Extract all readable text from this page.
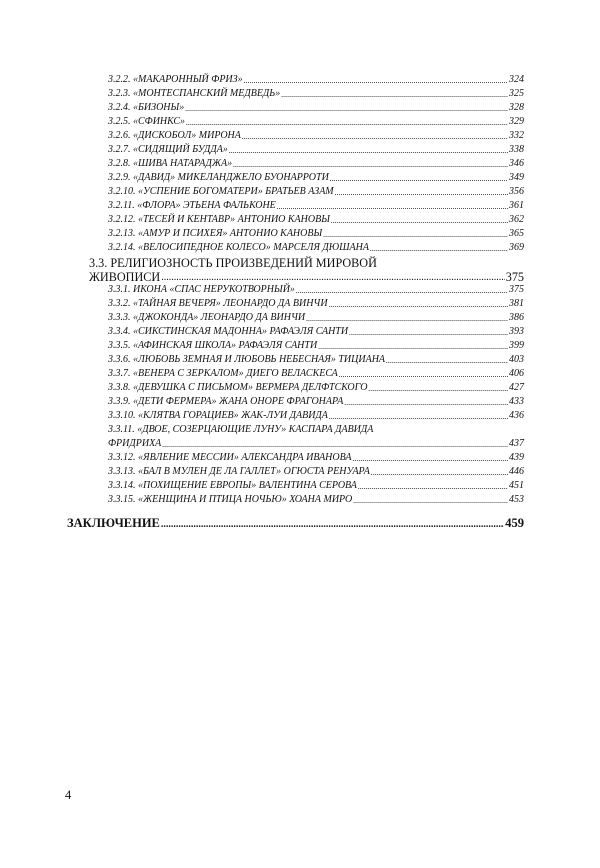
3.2.2. «МАКАРОННЫЙ ФРИЗ» .....	324
3.2.3. «МОНТЕСПАНСКИЙ МЕДВЕДЬ» .....	325
3.2.4. «БИЗОНЫ» .....	328
3.2.5. «СФИНКС» .....	329
3.2.6. «ДИСКОБОЛ» МИРОНА .....	332
3.2.7. «СИДЯЩИЙ БУДДА» .....	338
3.2.8. «ШИВА НАТАРАДЖА» .....	346
3.2.9. «ДАВИД» МИКЕЛАНДЖЕЛО БУОНАРРОТИ .....	349
3.2.10. «УСПЕНИЕ БОГОМАТЕРИ» БРАТЬЕВ АЗАМ .....	356
3.2.11. «ФЛОРА» ЭТЬЕНА ФАЛЬКОНЕ .....	361
3.2.12. «ТЕСЕЙ И КЕНТАВР» АНТОНИО КАНОВЫ .....	362
3.2.13. «АМУР И ПСИХЕЯ» АНТОНИО КАНОВЫ .....	365
3.2.14. «ВЕЛОСИПЕДНОЕ КОЛЕСО» МАРСЕЛЯ ДЮШАНА .....	369
3.3. РЕЛИГИОЗНОСТЬ ПРОИЗВЕДЕНИЙ МИРОВОЙ
ЖИВОПИСИ .....	375
3.3.1. ИКОНА «СПАС НЕРУКОТВОРНЫЙ» .....	375
3.3.2. «ТАЙНАЯ ВЕЧЕРЯ» ЛЕОНАРДО ДА ВИНЧИ .....	381
3.3.3. «ДЖОКОНДА» ЛЕОНАРДО ДА ВИНЧИ .....	386
3.3.4. «СИКСТИНСКАЯ МАДОННА» РАФАЭЛЯ САНТИ .....	393
3.3.5. «АФИНСКАЯ ШКОЛА» РАФАЭЛЯ САНТИ .....	399
3.3.6. «ЛЮБОВЬ ЗЕМНАЯ И ЛЮБОВЬ НЕБЕСНАЯ» ТИЦИАНА .....	403
3.3.7. «ВЕНЕРА С ЗЕРКАЛОМ» ДИЕГО ВЕЛАСКЕСА .....	406
3.3.8. «ДЕВУШКА С ПИСЬМОМ» ВЕРМЕРА ДЕЛФТСКОГО .....	427
3.3.9. «ДЕТИ ФЕРМЕРА» ЖАНА ОНОРЕ ФРАГОНАРА .....	433
3.3.10. «КЛЯТВА ГОРАЦИЕВ» ЖАК-ЛУИ ДАВИДА .....	436
3.3.11. «ДВОЕ, СОЗЕРЦАЮЩИЕ ЛУНУ» КАСПАРА ДАВИДА
ФРИДРИХА .....	437
3.3.12. «ЯВЛЕНИЕ МЕССИИ» АЛЕКСАНДРА ИВАНОВА .....	439
3.3.13. «БАЛ В МУЛЕН ДЕ ЛА ГАЛЛЕТ» ОГЮСТА РЕНУАРА .....	446
3.3.14. «ПОХИЩЕНИЕ ЕВРОПЫ» ВАЛЕНТИНА СЕРОВА .....	451
3.3.15. «ЖЕНЩИНА И ПТИЦА НОЧЬЮ» ХОАНА МИРО .....	453
ЗАКЛЮЧЕНИЕ .....	459
4
